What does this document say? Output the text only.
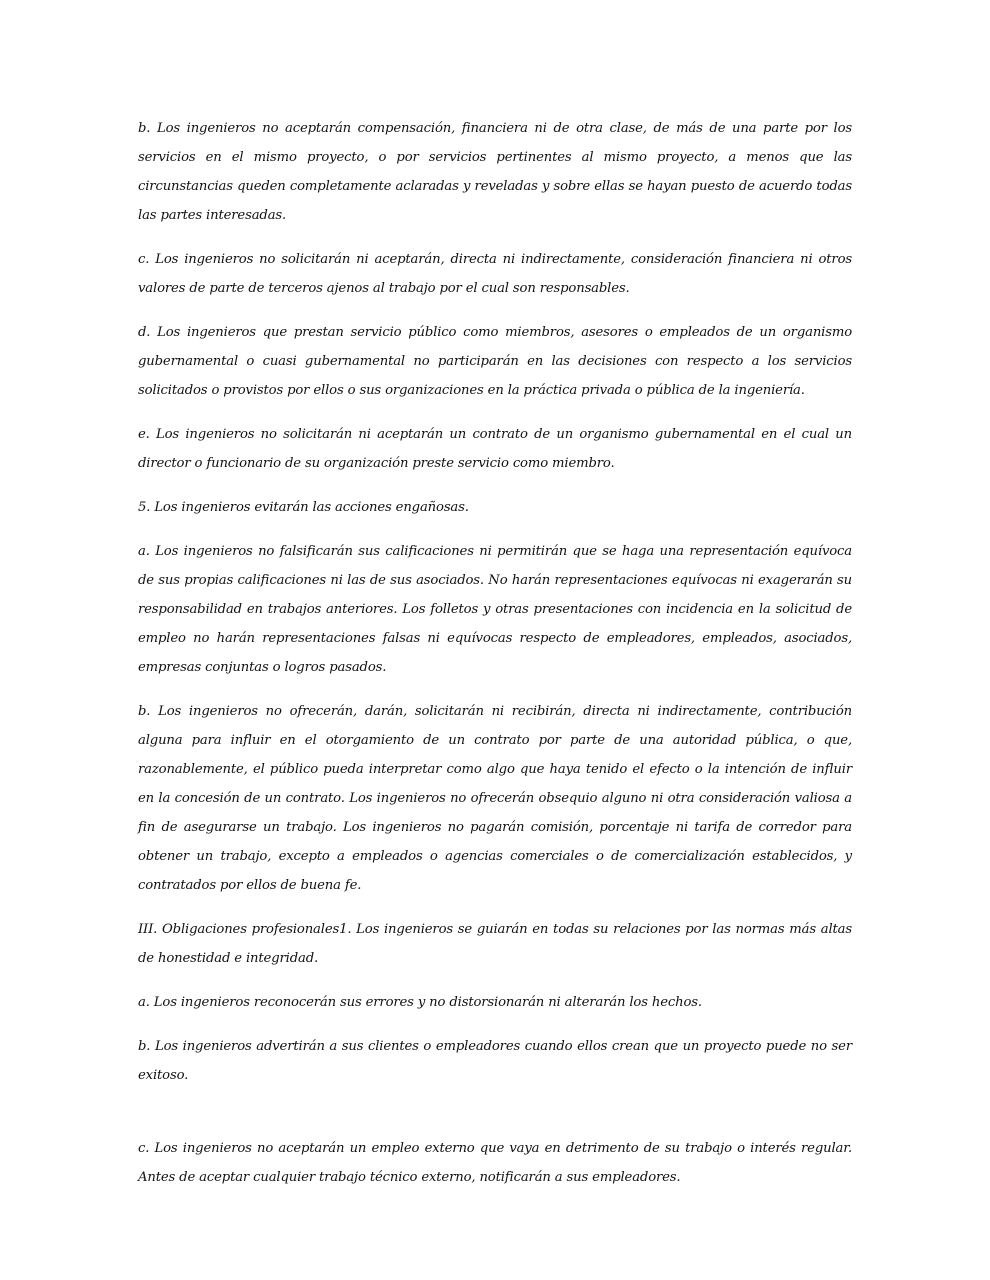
b. Los ingenieros no aceptarán compensación, financiera ni de otra clase, de más de una parte por los servicios en el mismo proyecto, o por servicios pertinentes al mismo proyecto, a menos que las circunstancias queden completamente aclaradas y reveladas y sobre ellas se hayan puesto de acuerdo todas las partes interesadas.

c. Los ingenieros no solicitarán ni aceptarán, directa ni indirectamente, consideración financiera ni otros valores de parte de terceros ajenos al trabajo por el cual son responsables.

d. Los ingenieros que prestan servicio público como miembros, asesores o empleados de un organismo gubernamental o cuasi gubernamental no participarán en las decisiones con respecto a los servicios solicitados o provistos por ellos o sus organizaciones en la práctica privada o pública de la ingeniería.

e. Los ingenieros no solicitarán ni aceptarán un contrato de un organismo gubernamental en el cual un director o funcionario de su organización preste servicio como miembro.

5. Los ingenieros evitarán las acciones engañosas.

a. Los ingenieros no falsificarán sus calificaciones ni permitirán que se haga una representación equívoca de sus propias calificaciones ni las de sus asociados. No harán representaciones equívocas ni exagerarán su responsabilidad en trabajos anteriores. Los folletos y otras presentaciones con incidencia en la solicitud de empleo no harán representaciones falsas ni equívocas respecto de empleadores, empleados, asociados, empresas conjuntas o logros pasados.

b. Los ingenieros no ofrecerán, darán, solicitarán ni recibirán, directa ni indirectamente, contribución alguna para influir en el otorgamiento de un contrato por parte de una autoridad pública, o que, razonablemente, el público pueda interpretar como algo que haya tenido el efecto o la intención de influir en la concesión de un contrato. Los ingenieros no ofrecerán obsequio alguno ni otra consideración valiosa a fin de asegurarse un trabajo. Los ingenieros no pagarán comisión, porcentaje ni tarifa de corredor para obtener un trabajo, excepto a empleados o agencias comerciales o de comercialización establecidos, y contratados por ellos de buena fe.

III. Obligaciones profesionales1. Los ingenieros se guiarán en todas su relaciones por las normas más altas de honestidad e integridad.

a. Los ingenieros reconocerán sus errores y no distorsionarán ni alterarán los hechos.

b. Los ingenieros advertirán a sus clientes o empleadores cuando ellos crean que un proyecto puede no ser exitoso.

c. Los ingenieros no aceptarán un empleo externo que vaya en detrimento de su trabajo o interés regular. Antes de aceptar cualquier trabajo técnico externo, notificarán a sus empleadores.
